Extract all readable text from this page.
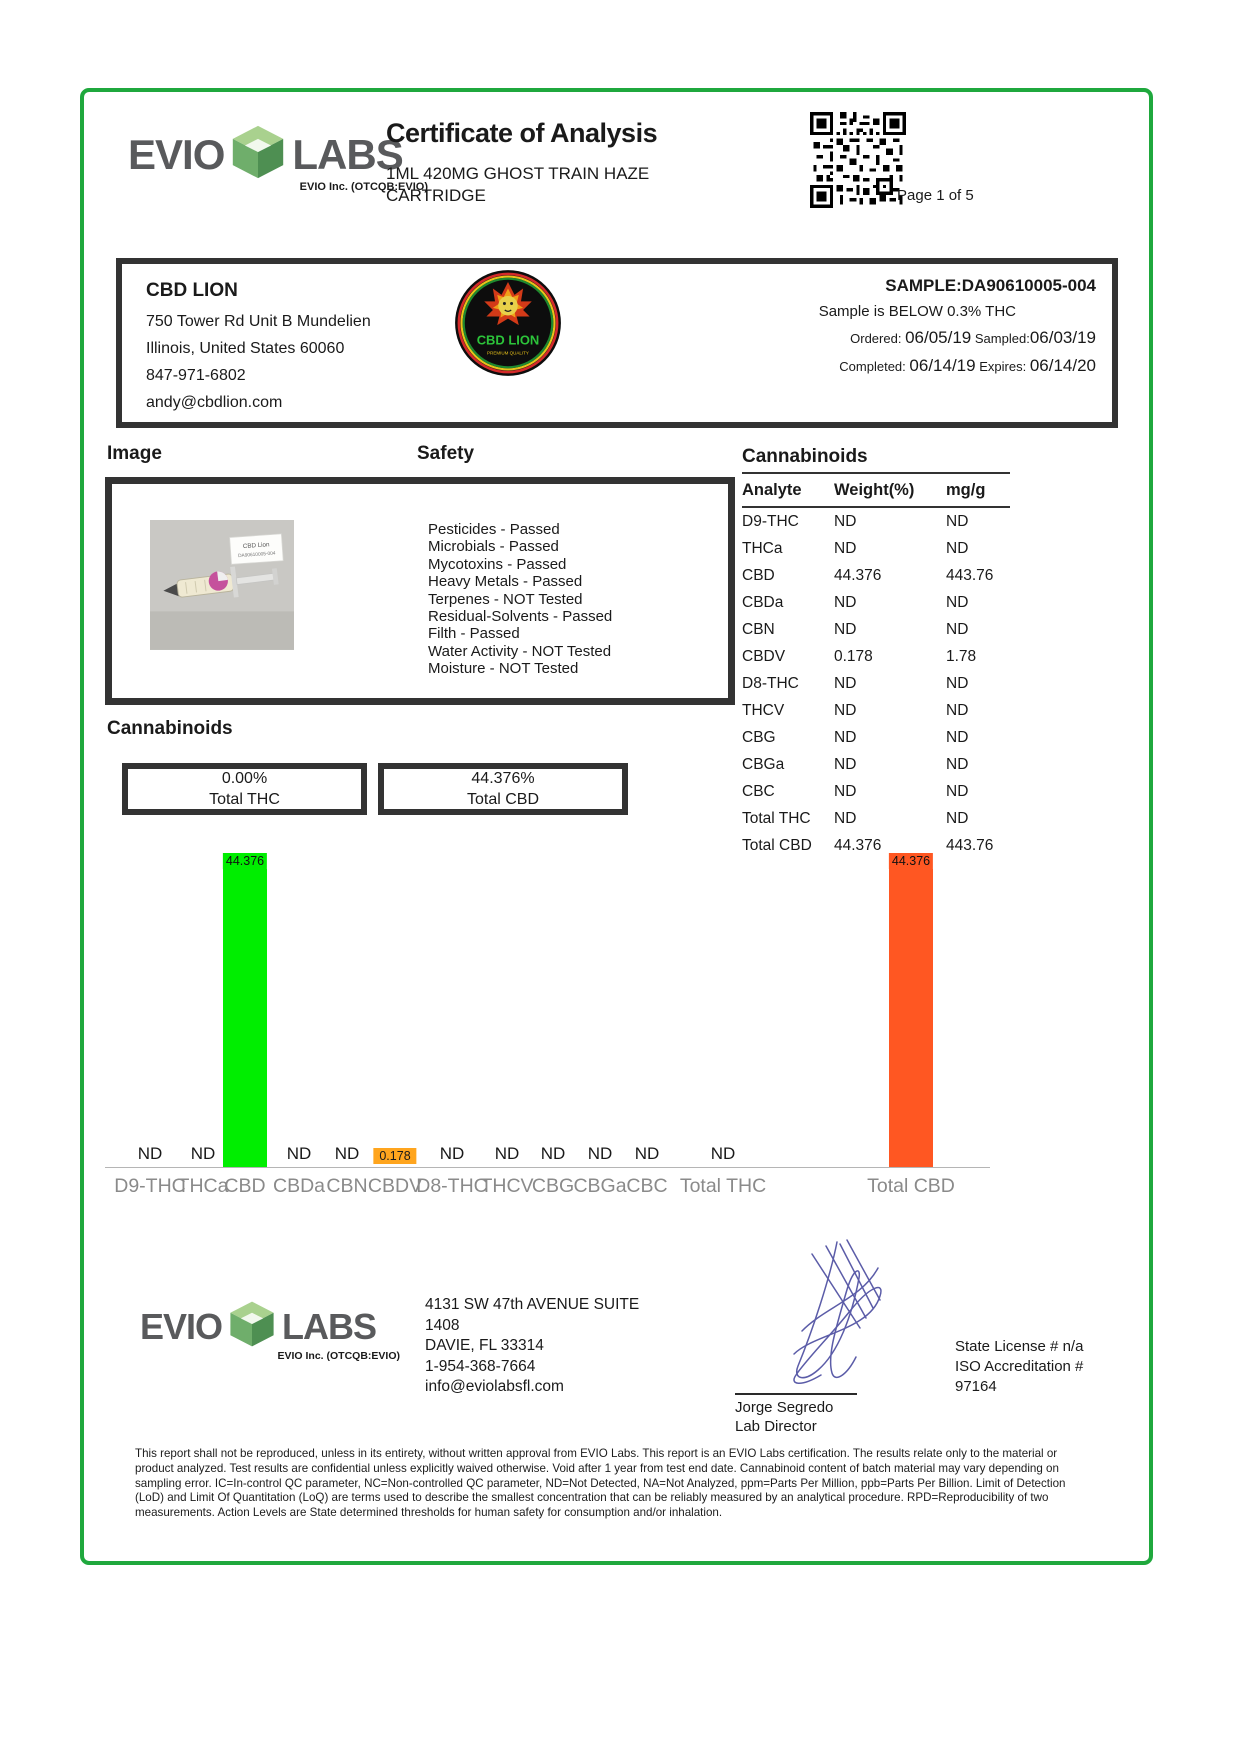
EVIO LABS
EVIO Inc. (OTCQB:EVIO)
Certificate of Analysis
1ML 420MG GHOST TRAIN HAZE CARTRIDGE	Page 1 of 5
CBD LION
750 Tower Rd Unit B Mundelien
Illinois, United States 60060
847-971-6802
andy@cbdlion.com
CBD LION
PREMIUM QUALITY
SAMPLE:DA90610005-004
Sample is BELOW 0.3% THC
Ordered: 06/05/19 Sampled:06/03/19
Completed: 06/14/19 Expires: 06/14/20
Image	Safety	Cannabinoids
CBD Lion
DA90610005-004
Pesticides - Passed
Microbials - Passed
Mycotoxins - Passed
Heavy Metals - Passed
Terpenes - NOT Tested
Residual-Solvents - Passed
Filth - Passed
Water Activity - NOT Tested
Moisture - NOT Tested
Analyte	Weight(%)	mg/g
D9-THC	ND	ND
THCa	ND	ND
CBD	44.376	443.76
CBDa	ND	ND
CBN	ND	ND
CBDV	0.178	1.78
D8-THC	ND	ND
THCV	ND	ND
CBG	ND	ND
CBGa	ND	ND
CBC	ND	ND
Total THC	ND	ND
Total CBD	44.376	443.76
Cannabinoids
0.00%
Total THC
44.376%
Total CBD
ND ND
44.376
ND ND	0.178	ND ND ND ND ND	ND
44.376
D9-THC
THCa
CBD CBDa CBN CBDV
D8-THC
THCV
CBG CBGa CBC Total THC	Total CBD
EVIO LABS
EVIO Inc. (OTCQB:EVIO)
4131 SW 47th AVENUE SUITE 1408
DAVIE, FL 33314
1-954-368-7664
info@eviolabsfl.com
Jorge Segredo
Lab Director
State License # n/a
ISO Accreditation #
97164
This report shall not be reproduced, unless in its entirety, without written approval from EVIO Labs. This report is an EVIO Labs certification. The results relate only to the material or product analyzed. Test results are confidential unless explicitly waived otherwise. Void after 1 year from test end date. Cannabinoid content of batch material may vary depending on sampling error. IC=In-control QC parameter, NC=Non-controlled QC parameter, ND=Not Detected, NA=Not Analyzed, ppm=Parts Per Million, ppb=Parts Per Billion. Limit of Detection (LoD) and Limit Of Quantitation (LoQ) are terms used to describe the smallest concentration that can be reliably measured by an analytical procedure. RPD=Reproducibility of two measurements. Action Levels are State determined thresholds for human safety for consumption and/or inhalation.
